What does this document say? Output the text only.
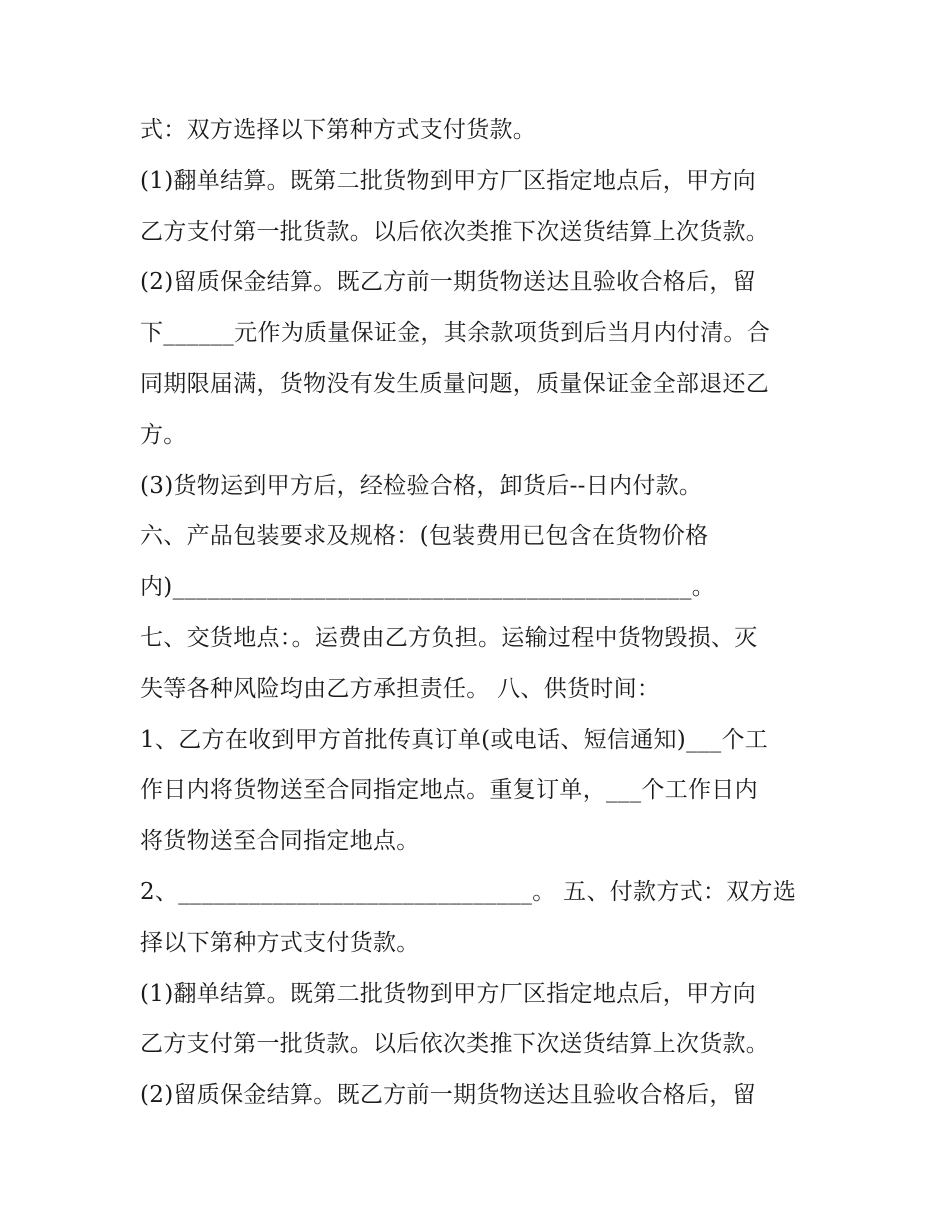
式：双方选择以下第种方式支付货款。
(1)翻单结算。既第二批货物到甲方厂区指定地点后，甲方向
乙方支付第一批货款。以后依次类推下次送货结算上次货款。
(2)留质保金结算。既乙方前一期货物送达且验收合格后，留
下______元作为质量保证金，其余款项货到后当月内付清。合
同期限届满，货物没有发生质量问题，质量保证金全部退还乙
方。
(3)货物运到甲方后，经检验合格，卸货后--日内付款。
六、产品包装要求及规格：(包装费用已包含在货物价格
内)____________________________________________。
七、交货地点：。运费由乙方负担。运输过程中货物毁损、灭
失等各种风险均由乙方承担责任。 八、供货时间：
1、乙方在收到甲方首批传真订单(或电话、短信通知)___个工
作日内将货物送至合同指定地点。重复订单，___个工作日内
将货物送至合同指定地点。
2、______________________________。 五、付款方式：双方选
择以下第种方式支付货款。
(1)翻单结算。既第二批货物到甲方厂区指定地点后，甲方向
乙方支付第一批货款。以后依次类推下次送货结算上次货款。
(2)留质保金结算。既乙方前一期货物送达且验收合格后，留
